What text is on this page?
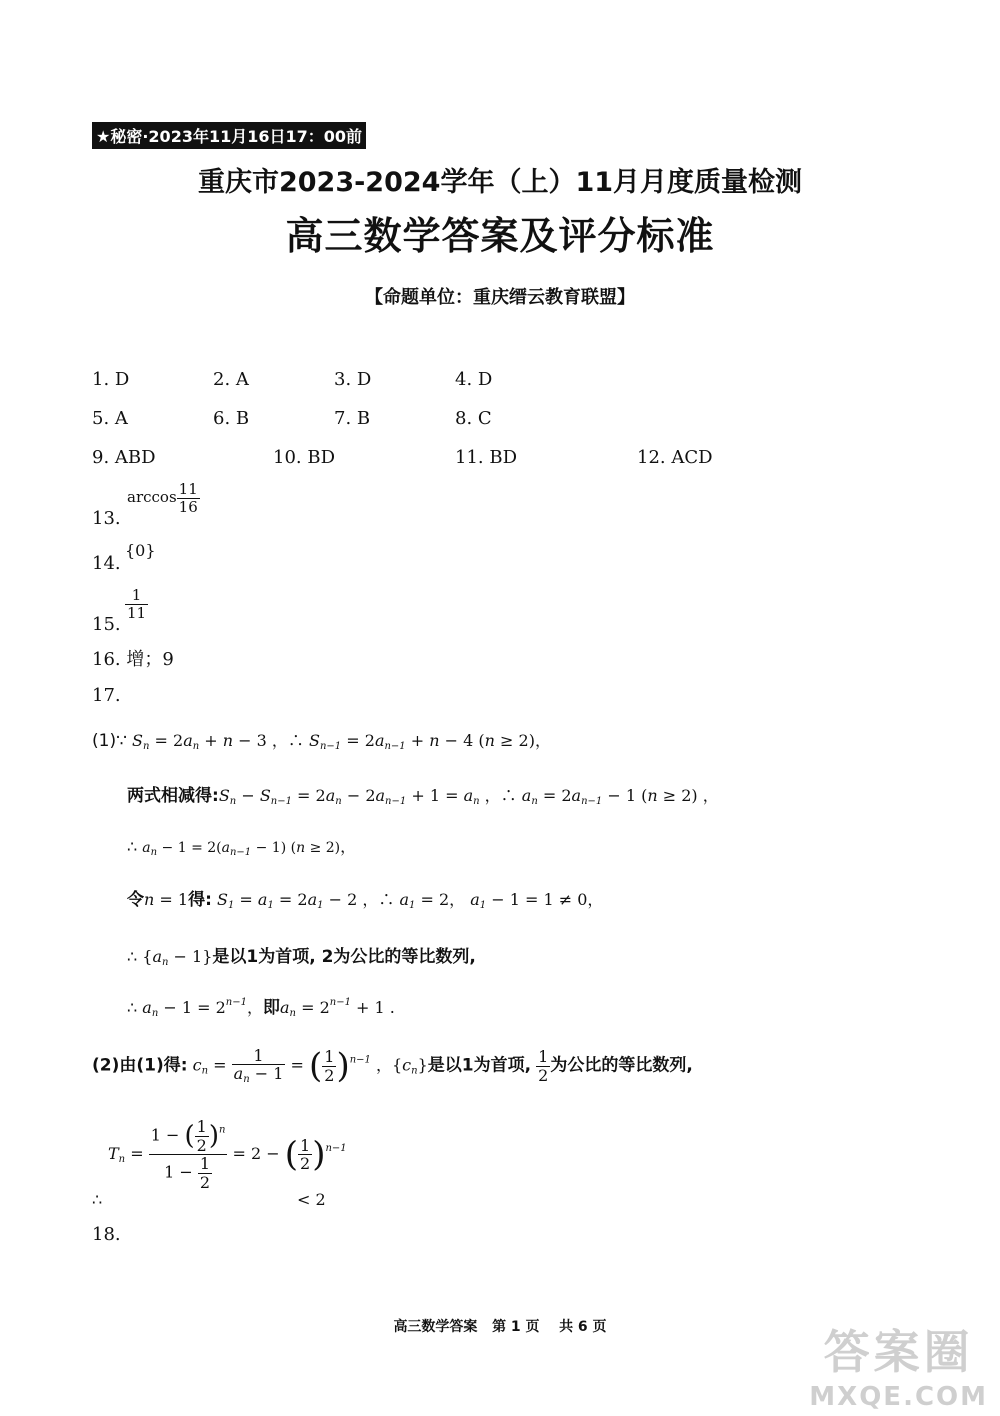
★秘密·2023年11月16日17：00前
重庆市2023-2024学年（上）11月月度质量检测
高三数学答案及评分标准
【命题单位：重庆缙云教育联盟】
1. D	2. A	3. D	4. D
5. A	6. B	7. B	8. C
9. ABD	10. BD	11. BD	12. ACD
13.
$\arccos \frac{11}{16}$
14.
{0}
15.
$\frac{1}{11}$
16. 增；9
17.
(1)∵ $S_n = 2a_n + n - 3$ ，∴ $S_{n-1} = 2a_{n-1} + n - 4$ (n ≥ 2)，
两式相减得$:S_n - S_{n-1} = 2a_n - 2a_{n-1} + 1 = a_n$ ，∴ $a_n = 2a_{n-1} - 1$ (n ≥ 2) ，
∴ $a_n - 1 = 2(a_{n-1} - 1) (n \ge 2)$，
令n = 1得: $S_1 = a_1 = 2a_1 - 2$ ，∴ $a_1 = 2$， $a_1 - 1 = 1 \ne 0$，
∴ $\{a_n - 1\}$是以1为首项, 2为公比的等比数列,
∴ $a_n - 1 = 2^{n-1}$，即$a_n = 2^{n-1} + 1$ .
(2)由(1)得: $c_n = \frac{1}{a_n - 1}$ = ( $\frac{1}{2} )^{n-1}$ ，$\{c_n\}$是以1为首项, $\frac{1}{2}$ 为公比的等比数列,
$T_n = \frac{1 - ( \frac{1}{2} )^n}{1 - \frac{1}{2}} = 2$ − ( $\frac{1}{2} )^{n-1}$
∴	< 2
18.
高三数学答案 第 1 页 共 6 页	答案圈
MXQE.COM
